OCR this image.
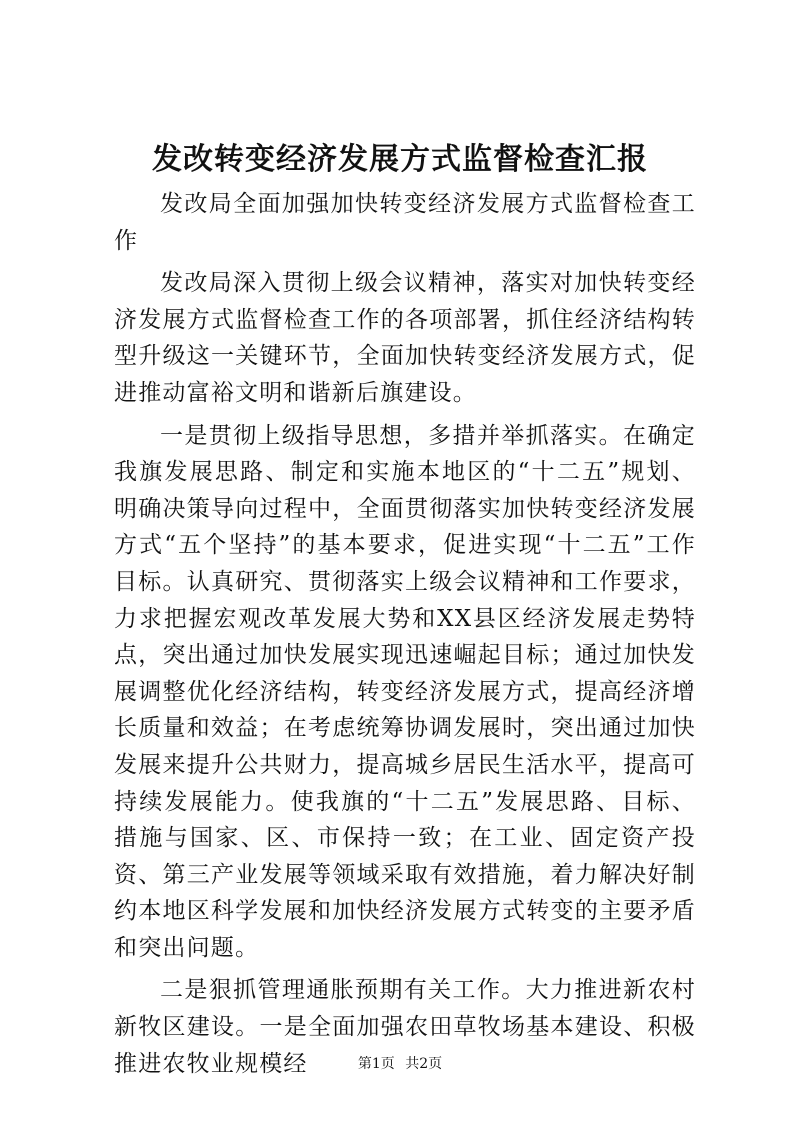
发改转变经济发展方式监督检查汇报

发改局全面加强加快转变经济发展方式监督检查工作

发改局深入贯彻上级会议精神，落实对加快转变经济发展方式监督检查工作的各项部署，抓住经济结构转型升级这一关键环节，全面加快转变经济发展方式，促进推动富裕文明和谐新后旗建设。

一是贯彻上级指导思想，多措并举抓落实。在确定我旗发展思路、制定和实施本地区的“十二五”规划、明确决策导向过程中，全面贯彻落实加快转变经济发展方式“五个坚持”的基本要求，促进实现“十二五”工作目标。认真研究、贯彻落实上级会议精神和工作要求，力求把握宏观改革发展大势和XX县区经济发展走势特点，突出通过加快发展实现迅速崛起目标；通过加快发展调整优化经济结构，转变经济发展方式，提高经济增长质量和效益；在考虑统筹协调发展时，突出通过加快发展来提升公共财力，提高城乡居民生活水平，提高可持续发展能力。使我旗的“十二五”发展思路、目标、措施与国家、区、市保持一致；在工业、固定资产投资、第三产业发展等领域采取有效措施，着力解决好制约本地区科学发展和加快经济发展方式转变的主要矛盾和突出问题。

二是狠抓管理通胀预期有关工作。大力推进新农村新牧区建设。一是全面加强农田草牧场基本建设、积极推进农牧业规模经	第1页 共2页
